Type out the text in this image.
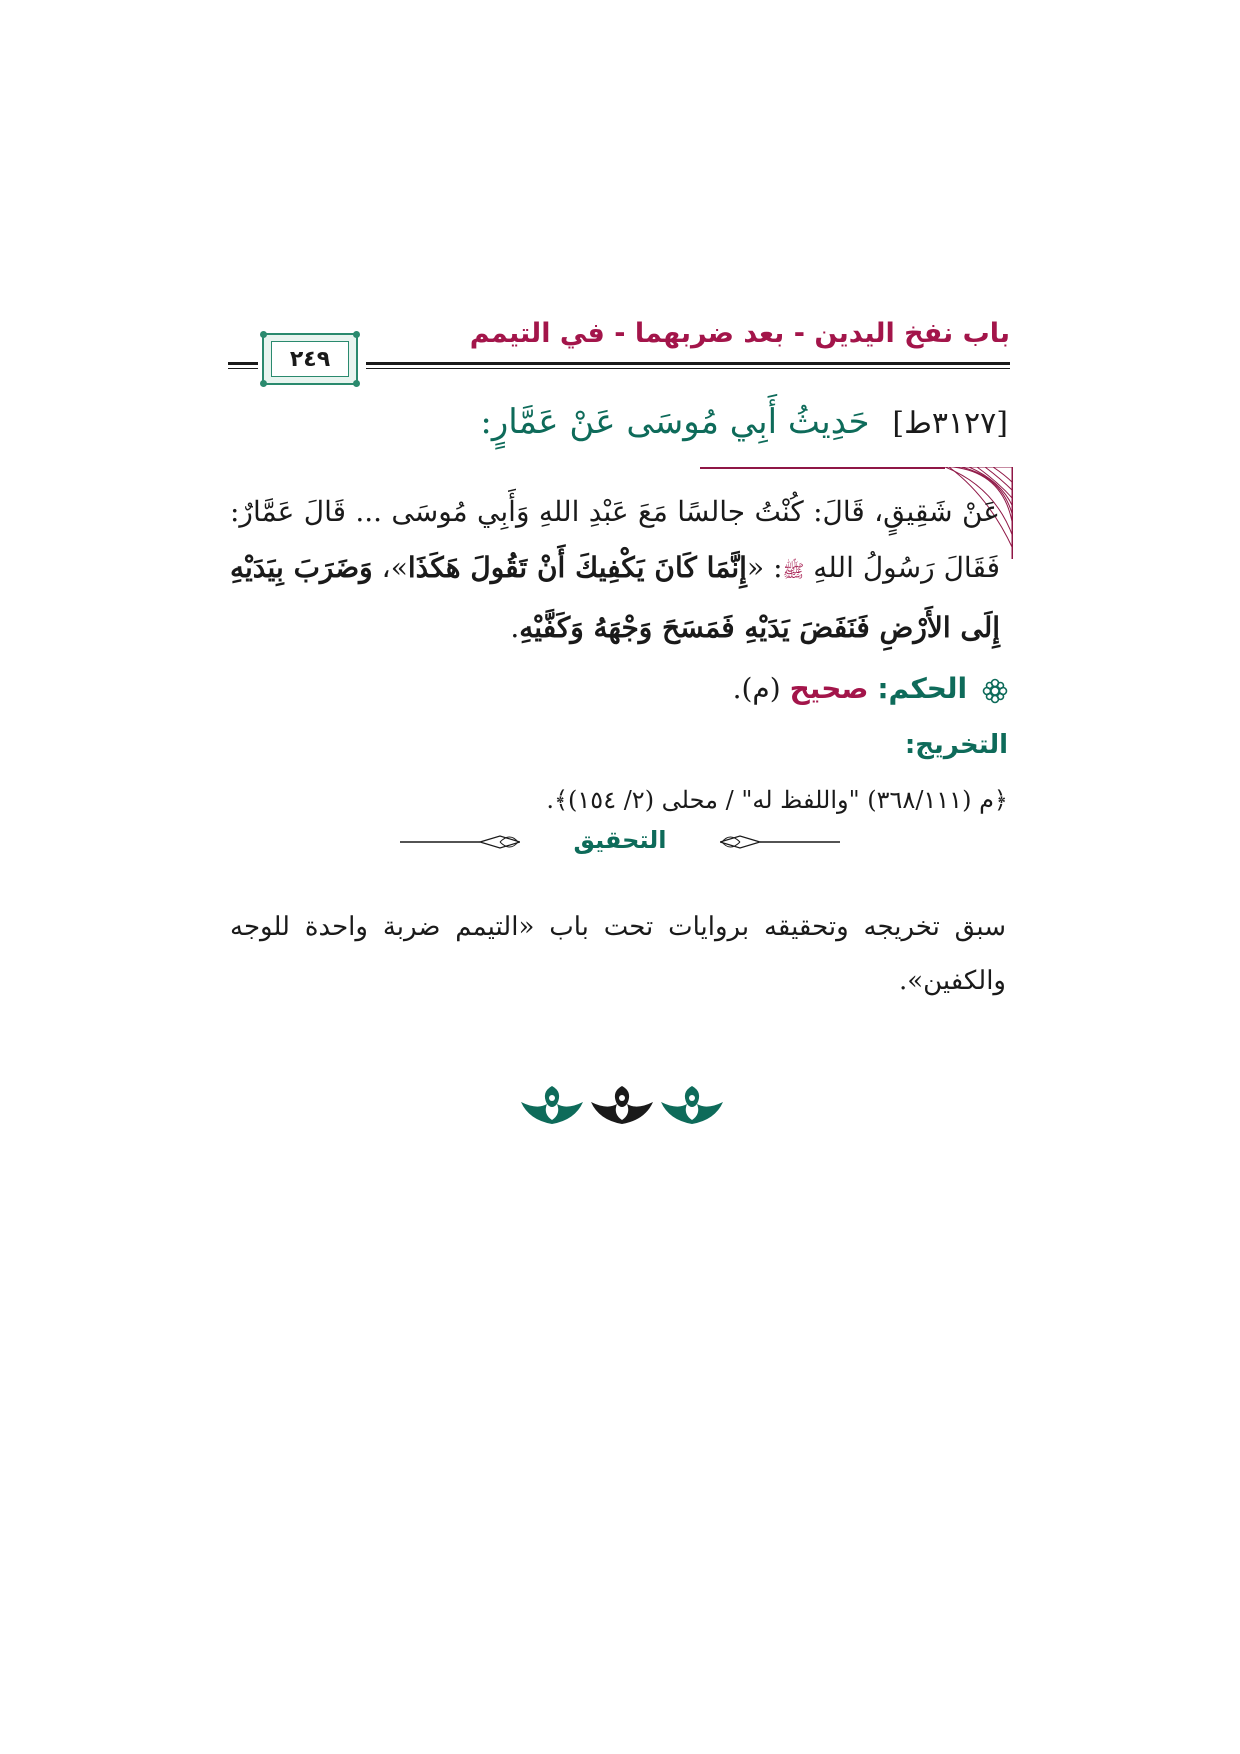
باب نفخ اليدين - بعد ضربهما - في التيمم
٢٤٩
[٣١٢٧ط] حَدِيثُ أَبِي مُوسَى عَنْ عَمَّارٍ:
عَنْ شَقِيقٍ، قَالَ: كُنْتُ جالسًا مَعَ عَبْدِ اللهِ وَأَبِي مُوسَى ... قَالَ عَمَّارٌ: فَقَالَ رَسُولُ اللهِ ﷺ: «إِنَّمَا كَانَ يَكْفِيكَ أَنْ تَقُولَ هَكَذَا»، وَضَرَبَ بِيَدَيْهِ إِلَى الأَرْضِ فَنَفَضَ يَدَيْهِ فَمَسَحَ وَجْهَهُ وَكَفَّيْهِ.
الحكم: صحيح (م).
التخريج:
﴿م (٣٦٨/١١١) "واللفظ له" / محلى (٢/ ١٥٤)﴾.
التحقيق
سبق تخريجه وتحقيقه بروايات تحت باب «التيمم ضربة واحدة للوجه والكفين».
